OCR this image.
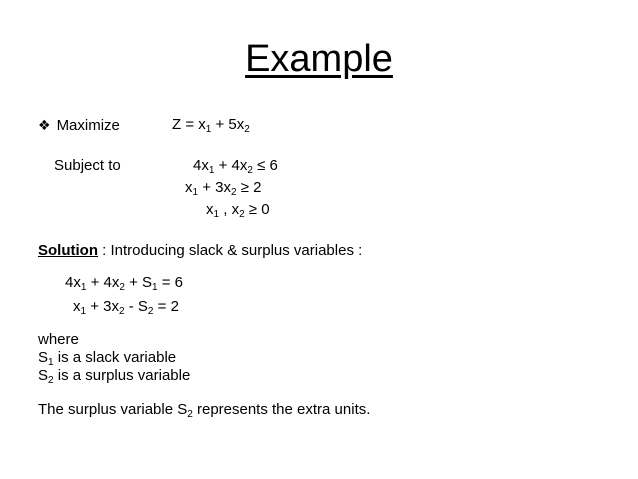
Example
❖ Maximize	$Z = x_1 + 5x_2$
Subject to	$4x_1 + 4x_2 \le 6$
$x_1 + 3x_2 \ge 2$
$x_1$ , $x_2 \ge 0$
Solution : Introducing slack & surplus variables :
$4x_1 + 4x_2 + S_1 = 6$
$x_1 + 3x_2 - S_2 = 2$
where
$S_1$ is a slack variable
$S_2$ is a surplus variable
The surplus variable $S_2$ represents the extra units.
